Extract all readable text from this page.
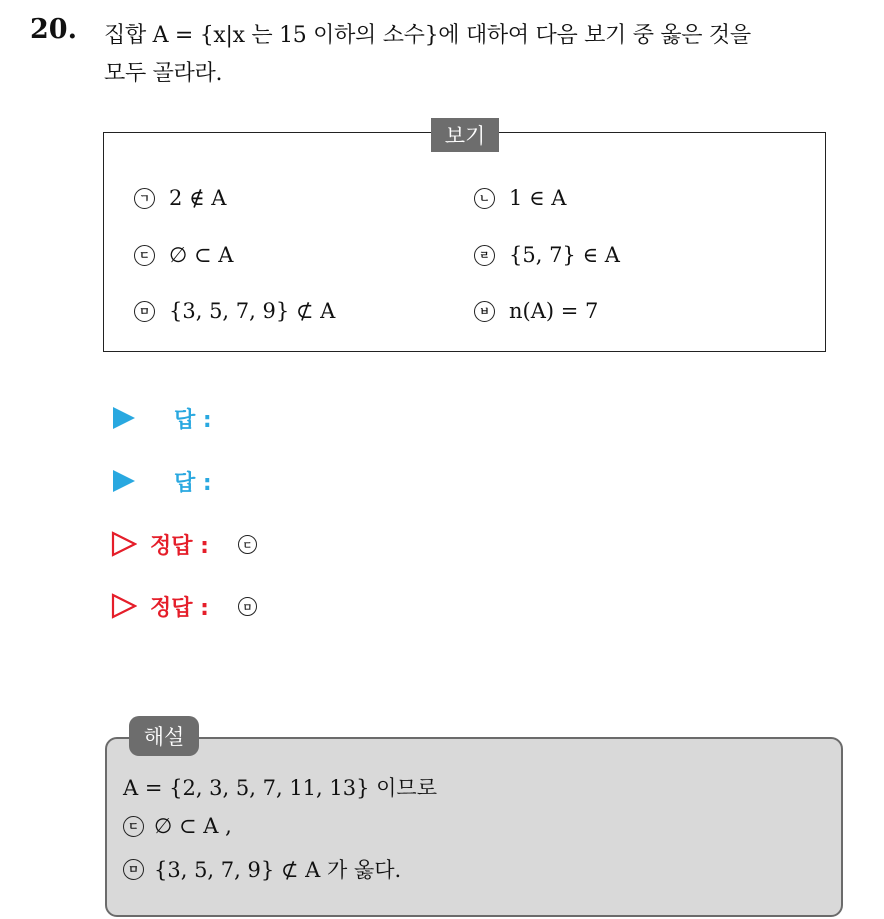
20. 집합 A = {x|x 는 15 이하의 소수}에 대하여 다음 보기 중 옳은 것을
모두 골라라.
보기
ㄱ 2 ∉ A	ㄴ 1 ∈ A
ㄷ ∅ ⊂ A	ㄹ {5, 7} ∈ A
ㅁ {3, 5, 7, 9} ⊄ A	ㅂ n(A) = 7
답 :
답 :
정답 :	ㄷ
정답 :	ㅁ
해설
A = {2, 3, 5, 7, 11, 13} 이므로
ㄷ ∅ ⊂ A ,
ㅁ {3, 5, 7, 9} ⊄ A 가 옳다.
